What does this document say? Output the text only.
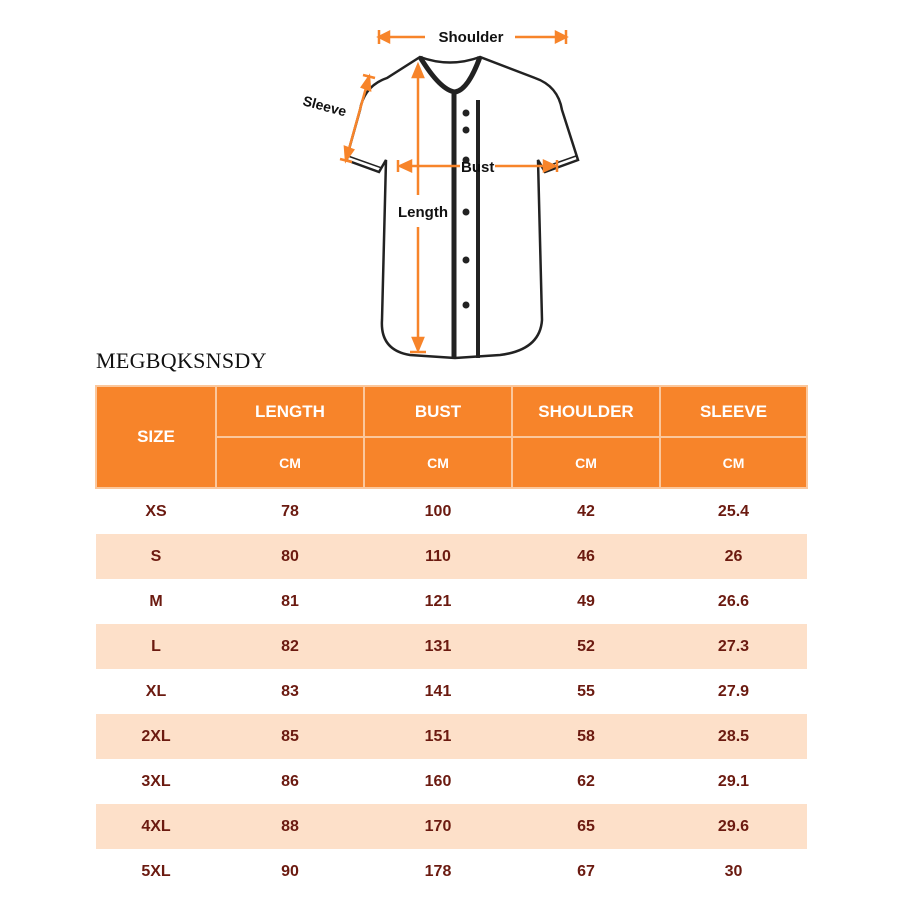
Shoulder
Sleeve
Bust
Length
MEGBQKSNSDY
SIZE	LENGTH	BUST	SHOULDER	SLEEVE
	CM	CM	CM	CM
XS	78	100	42	25.4
S	80	110	46	26
M	81	121	49	26.6
L	82	131	52	27.3
XL	83	141	55	27.9
2XL	85	151	58	28.5
3XL	86	160	62	29.1
4XL	88	170	65	29.6
5XL	90	178	67	30
